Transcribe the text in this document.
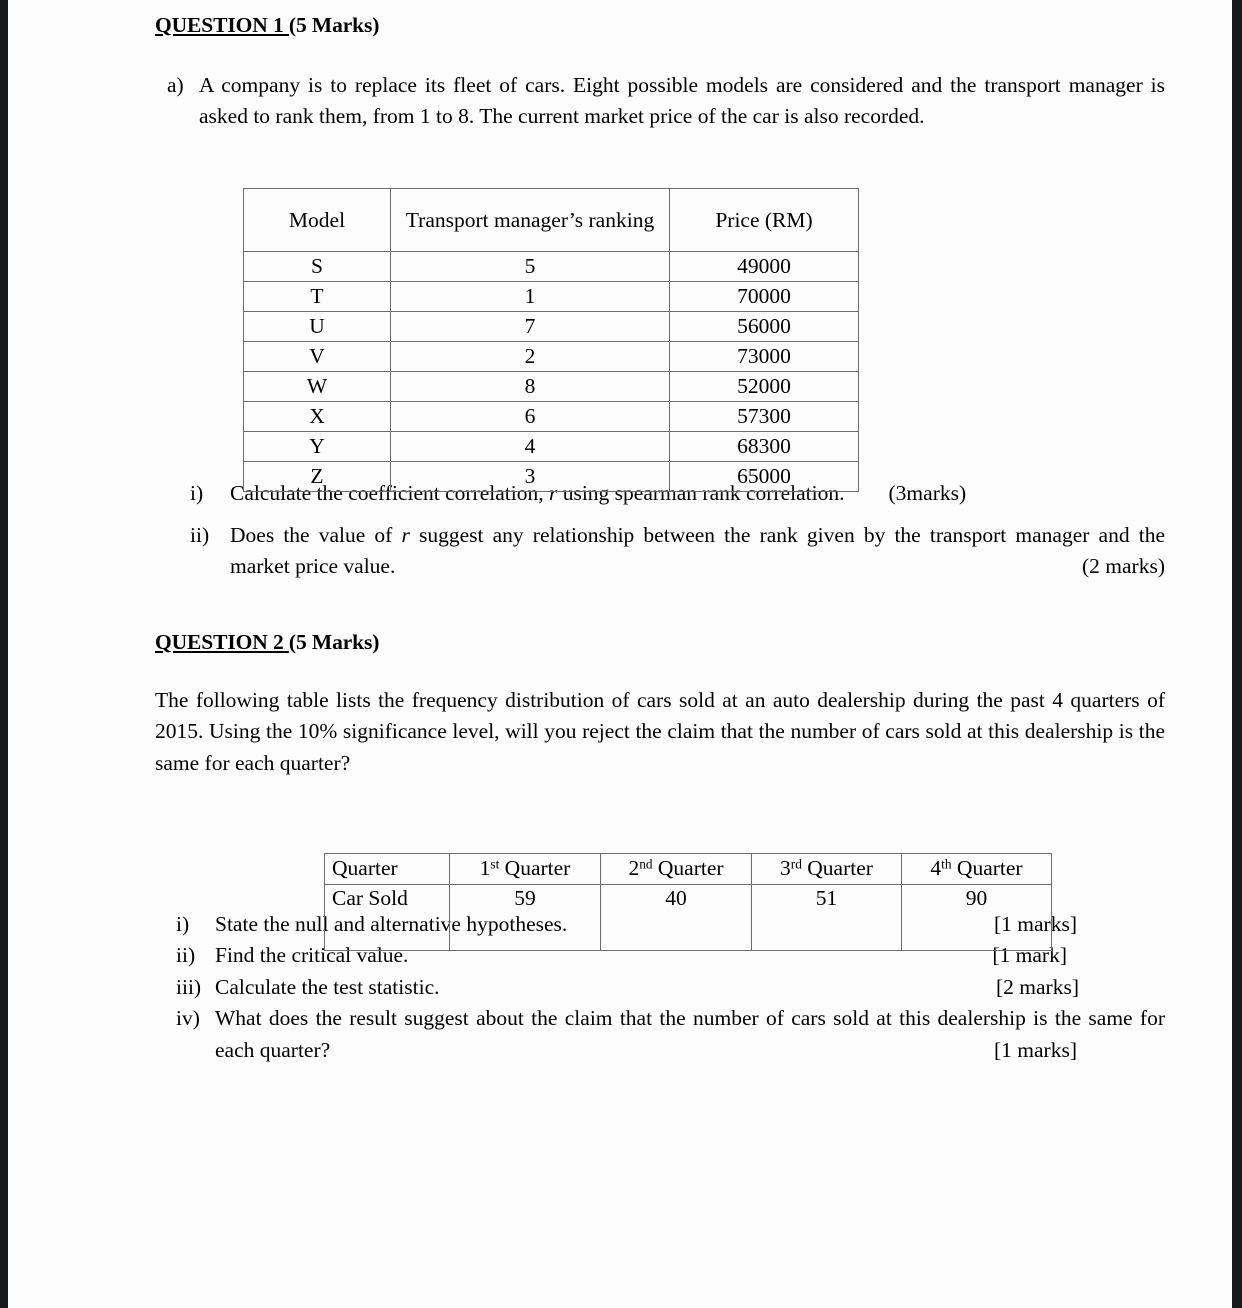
QUESTION 1 (5 Marks)
a) A company is to replace its fleet of cars. Eight possible models are considered and the transport manager is asked to rank them, from 1 to 8. The current market price of the car is also recorded.
Model	Transport manager’s ranking	Price (RM)
S	5	49000
T	1	70000
U	7	56000
V	2	73000
W	8	52000
X	6	57300
Y	4	68300
Z	3	65000
i)	Calculate the coefficient correlation, r using spearman rank correlation. (3marks)
ii) Does the value of r suggest any relationship between the rank given by the transport manager and the market price value.	(2 marks)
QUESTION 2 (5 Marks)

The following table lists the frequency distribution of cars sold at an auto dealership during the past 4 quarters of 2015. Using the 10% significance level, will you reject the claim that the number of cars sold at this dealership is the same for each quarter?

Quarter	1st Quarter	2nd Quarter	3rd Quarter	4th Quarter
Car Sold	59	40	51	90
i)	State the null and alternative hypotheses.	[1 marks]
ii) Find the critical value.	[1 mark]
iii) Calculate the test statistic.	[2 marks]
iv) What does the result suggest about the claim that the number of cars sold at this dealership is the same for each quarter?	[1 marks]
